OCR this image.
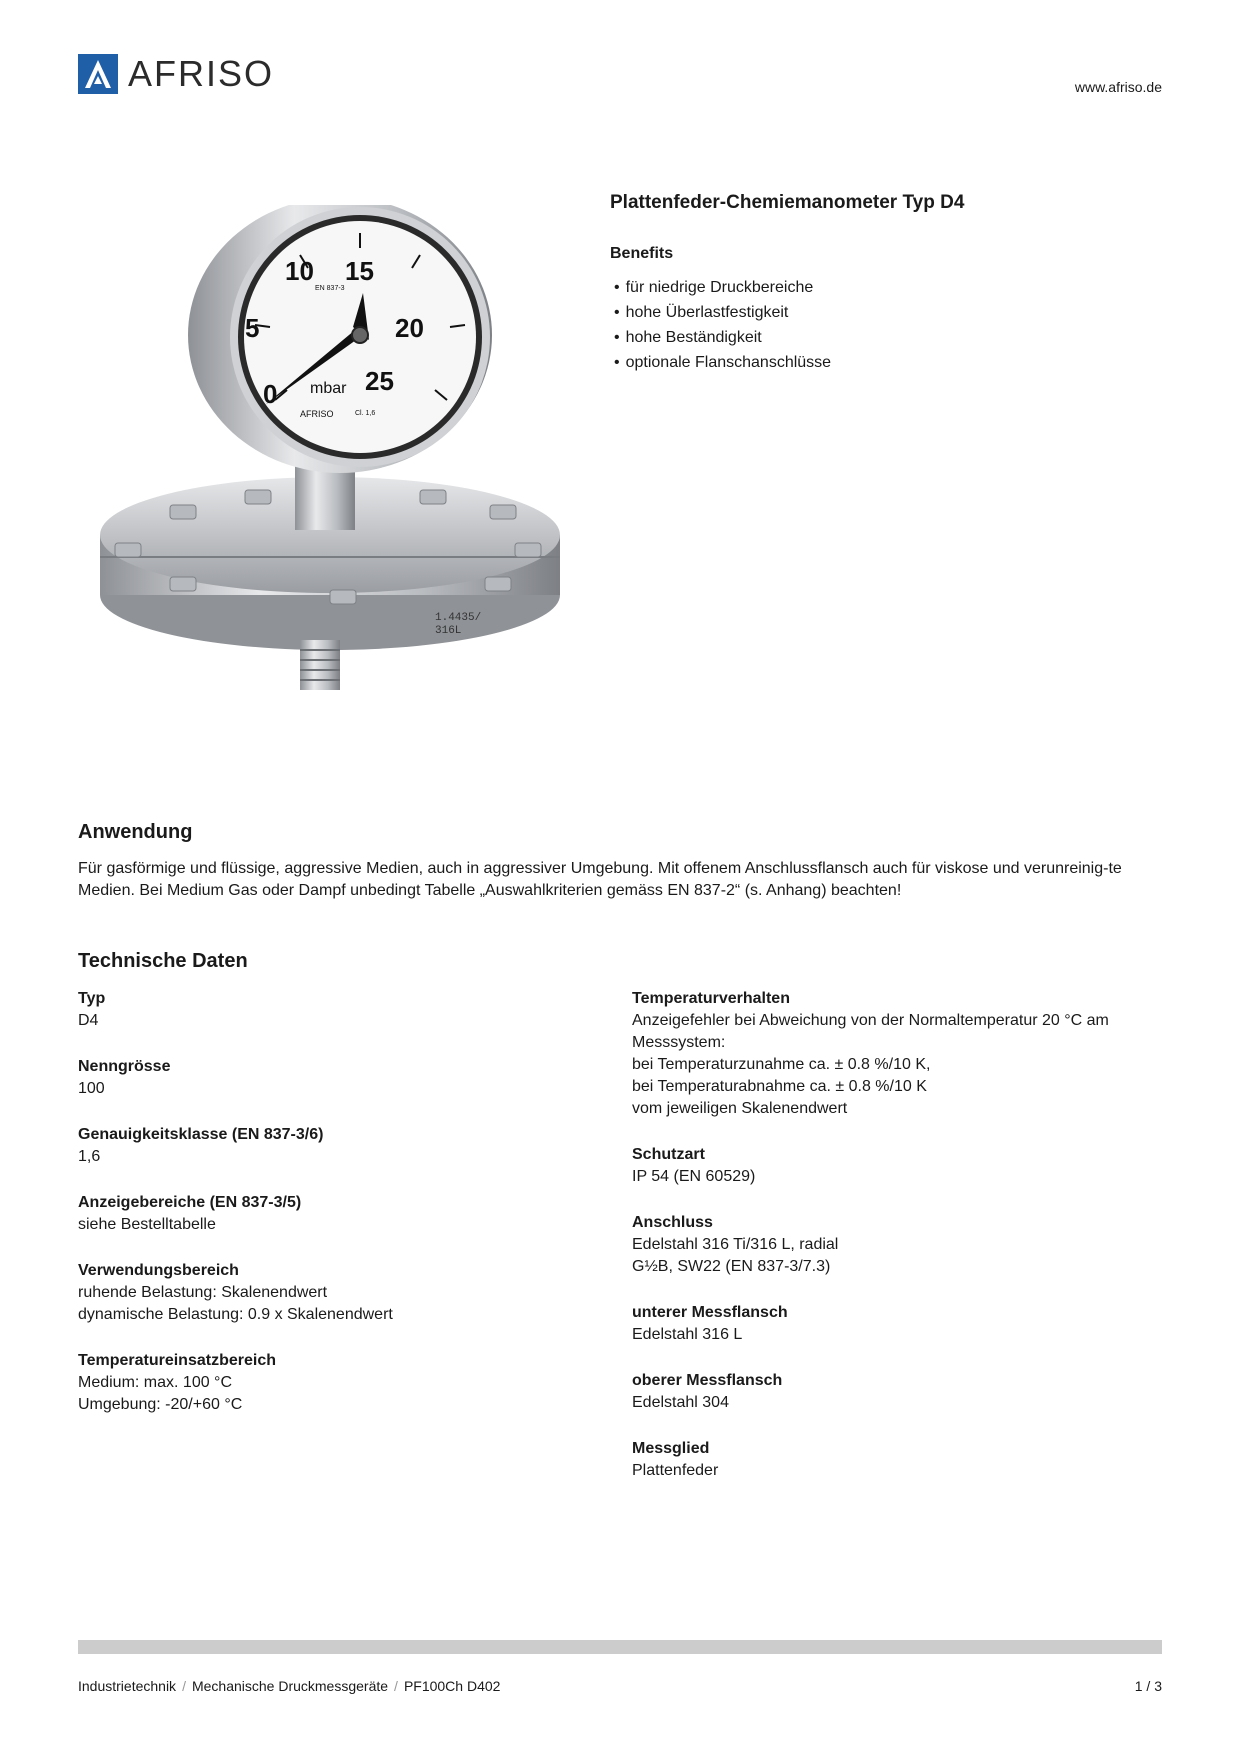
AFRISO	www.afriso.de
1.4435/
316L
0
5
10 15
20
25
mbar
EN 837-3
Cl. 1,6
AFRISO
Plattenfeder-Chemiemanometer Typ D4
Benefits
• für niedrige Druckbereiche
• hohe Überlastfestigkeit
• hohe Beständigkeit
• optionale Flanschanschlüsse
Anwendung

Für gasförmige und flüssige, aggressive Medien, auch in aggressiver Umgebung. Mit offenem Anschlussflansch auch für viskose und verunreinig-te Medien. Bei Medium Gas oder Dampf unbedingt Tabelle „Auswahlkriterien gemäss EN 837-2“ (s. Anhang) beachten!

Technische Daten
Typ
D4
Nenngrösse
100
Genauigkeitsklasse (EN 837-3/6)
1,6
Anzeigebereiche (EN 837-3/5)
siehe Bestelltabelle
Verwendungsbereich
ruhende Belastung: Skalenendwert
dynamische Belastung: 0.9 x Skalenendwert
Temperatureinsatzbereich
Medium: max. 100 °C
Umgebung: -20/+60 °C
Temperaturverhalten
Anzeigefehler bei Abweichung von der Normaltemperatur 20 °C am Messsystem:
bei Temperaturzunahme ca. ± 0.8 %/10 K,
bei Temperaturabnahme ca. ± 0.8 %/10 K
vom jeweiligen Skalenendwert
Schutzart
IP 54 (EN 60529)
Anschluss
Edelstahl 316 Ti/316 L, radial
G½B, SW22 (EN 837-3/7.3)
unterer Messflansch
Edelstahl 316 L
oberer Messflansch
Edelstahl 304
Messglied
Plattenfeder
Industrietechnik / Mechanische Druckmessgeräte / PF100Ch D402	1 / 3
